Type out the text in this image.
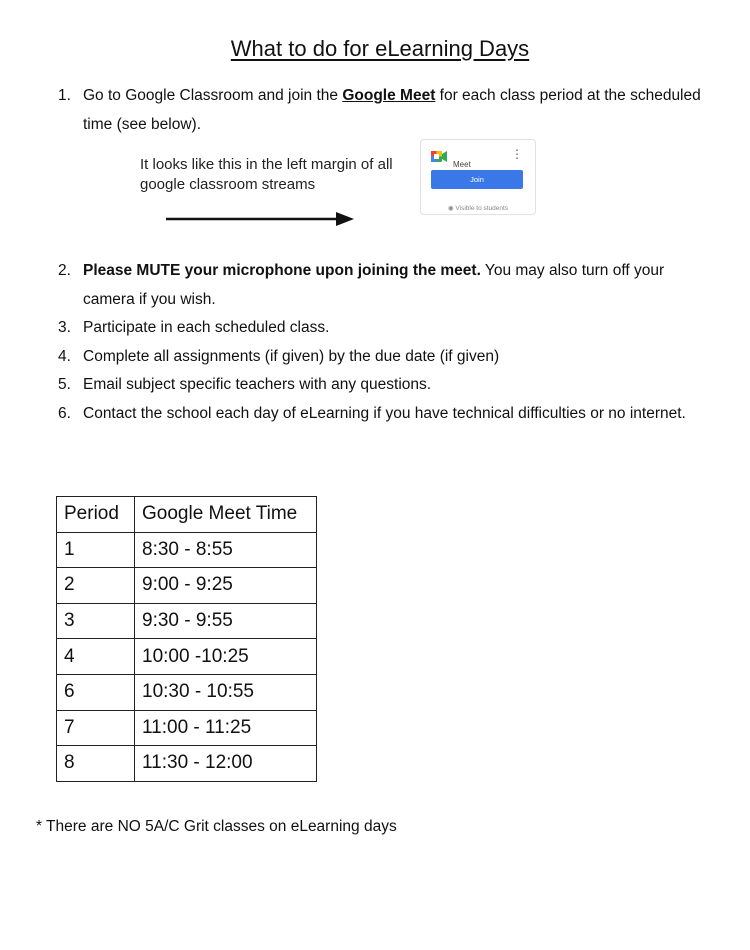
What to do for eLearning Days
1. Go to Google Classroom and join the Google Meet for each class period at the scheduled time (see below).
It looks like this in the left margin of all google classroom streams
Meet
⋮
Join
◉ Visible to students
2. Please MUTE your microphone upon joining the meet. You may also turn off your camera if you wish.
3. Participate in each scheduled class.
4. Complete all assignments (if given) by the due date (if given)
5. Email subject specific teachers with any questions.
6. Contact the school each day of eLearning if you have technical difficulties or no internet.
Period	Google Meet Time
1	8:30 - 8:55
2	9:00 - 9:25
3	9:30 - 9:55
4	10:00 -10:25
6	10:30 - 10:55
7	11:00 - 11:25
8	11:30 - 12:00
* There are NO 5A/C Grit classes on eLearning days
